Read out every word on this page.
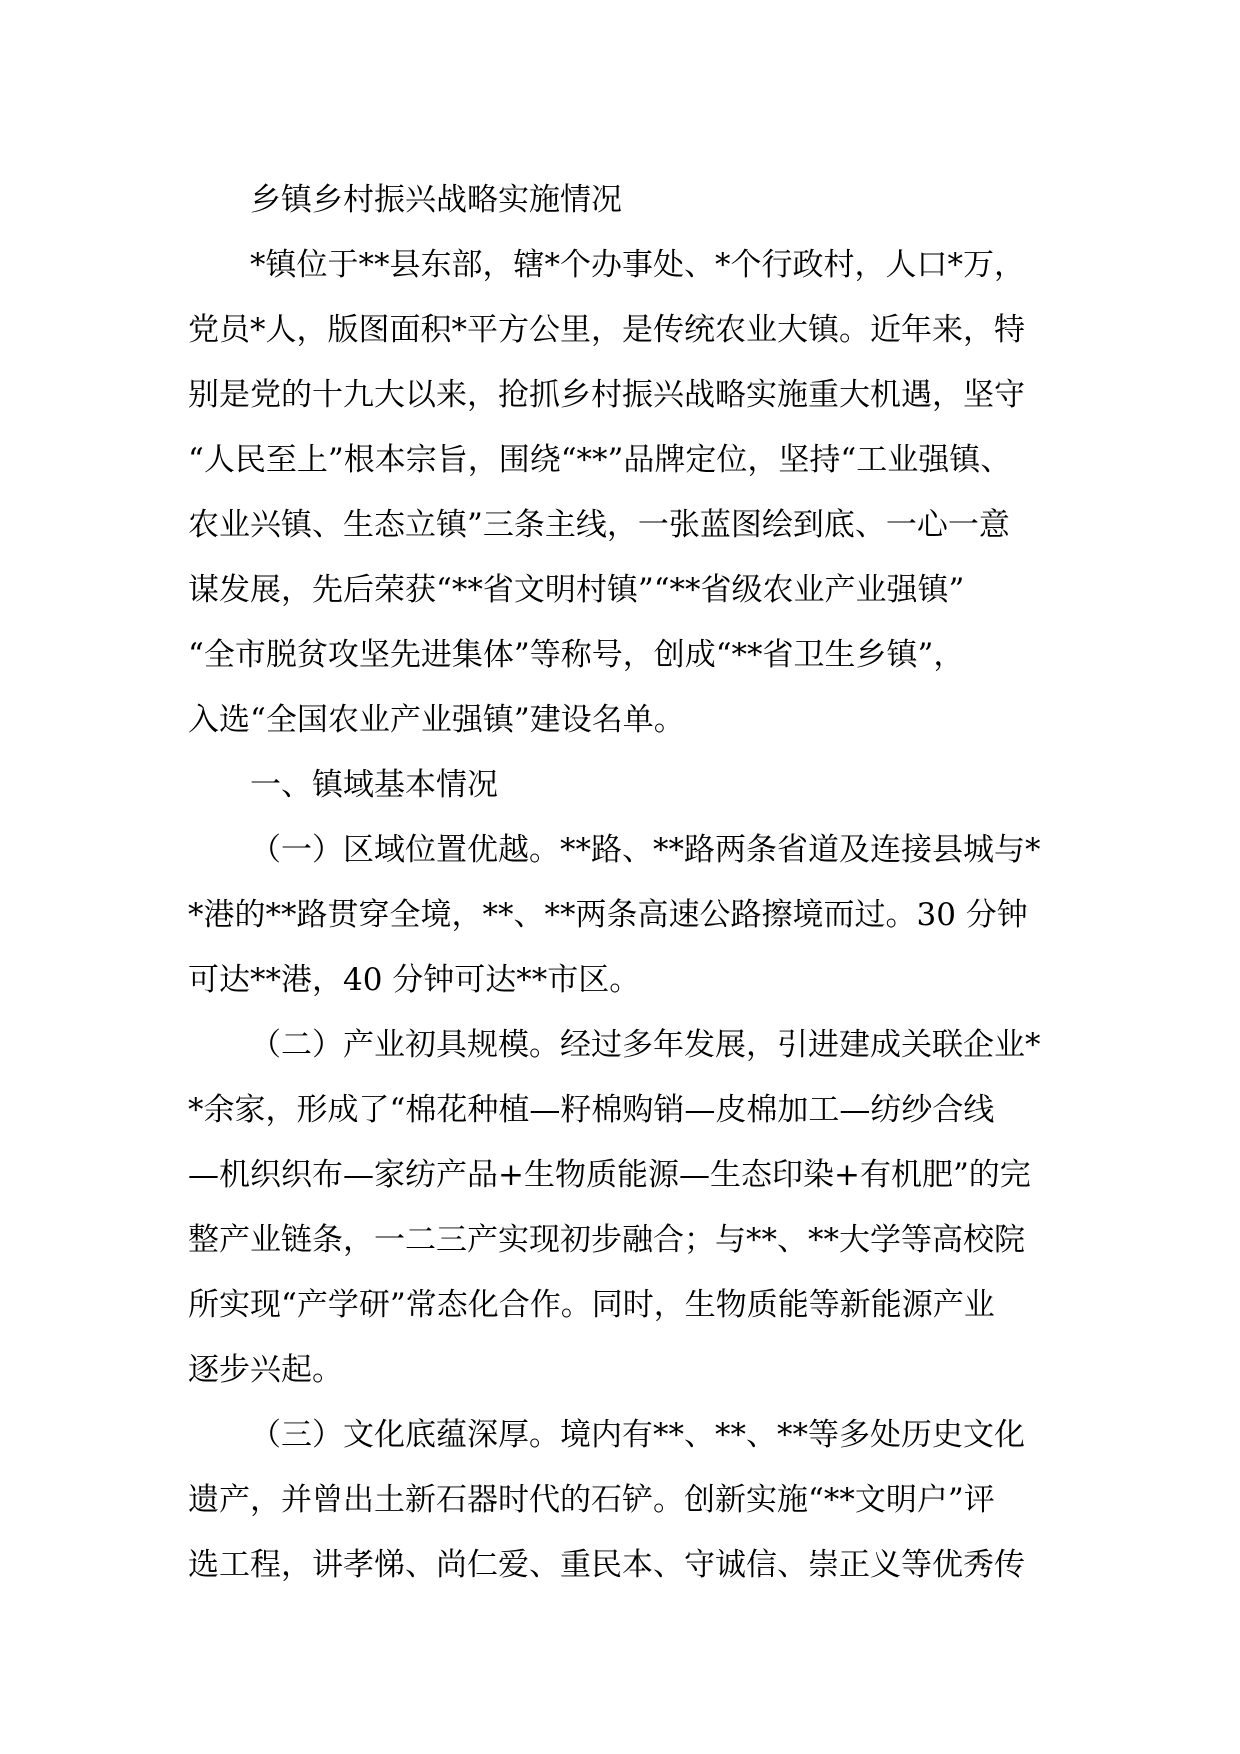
乡镇乡村振兴战略实施情况
*镇位于**县东部，辖*个办事处、*个行政村，人口*万，
党员*人，版图面积*平方公里，是传统农业大镇。近年来，特
别是党的十九大以来，抢抓乡村振兴战略实施重大机遇，坚守
“人民至上”根本宗旨，围绕“**”品牌定位，坚持“工业强镇、
农业兴镇、生态立镇”三条主线，一张蓝图绘到底、一心一意
谋发展，先后荣获“**省文明村镇”“**省级农业产业强镇”
“全市脱贫攻坚先进集体”等称号，创成“**省卫生乡镇”，
入选“全国农业产业强镇”建设名单。
一、镇域基本情况
（一）区域位置优越。**路、**路两条省道及连接县城与*
*港的**路贯穿全境，**、**两条高速公路擦境而过。30 分钟
可达**港，40 分钟可达**市区。
（二）产业初具规模。经过多年发展，引进建成关联企业*
*余家，形成了“棉花种植—籽棉购销—皮棉加工—纺纱合线
—机织织布—家纺产品+生物质能源—生态印染+有机肥”的完
整产业链条，一二三产实现初步融合；与**、**大学等高校院
所实现“产学研”常态化合作。同时，生物质能等新能源产业
逐步兴起。
（三）文化底蕴深厚。境内有**、**、**等多处历史文化
遗产，并曾出土新石器时代的石铲。创新实施“**文明户”评
选工程，讲孝悌、尚仁爱、重民本、守诚信、崇正义等优秀传
